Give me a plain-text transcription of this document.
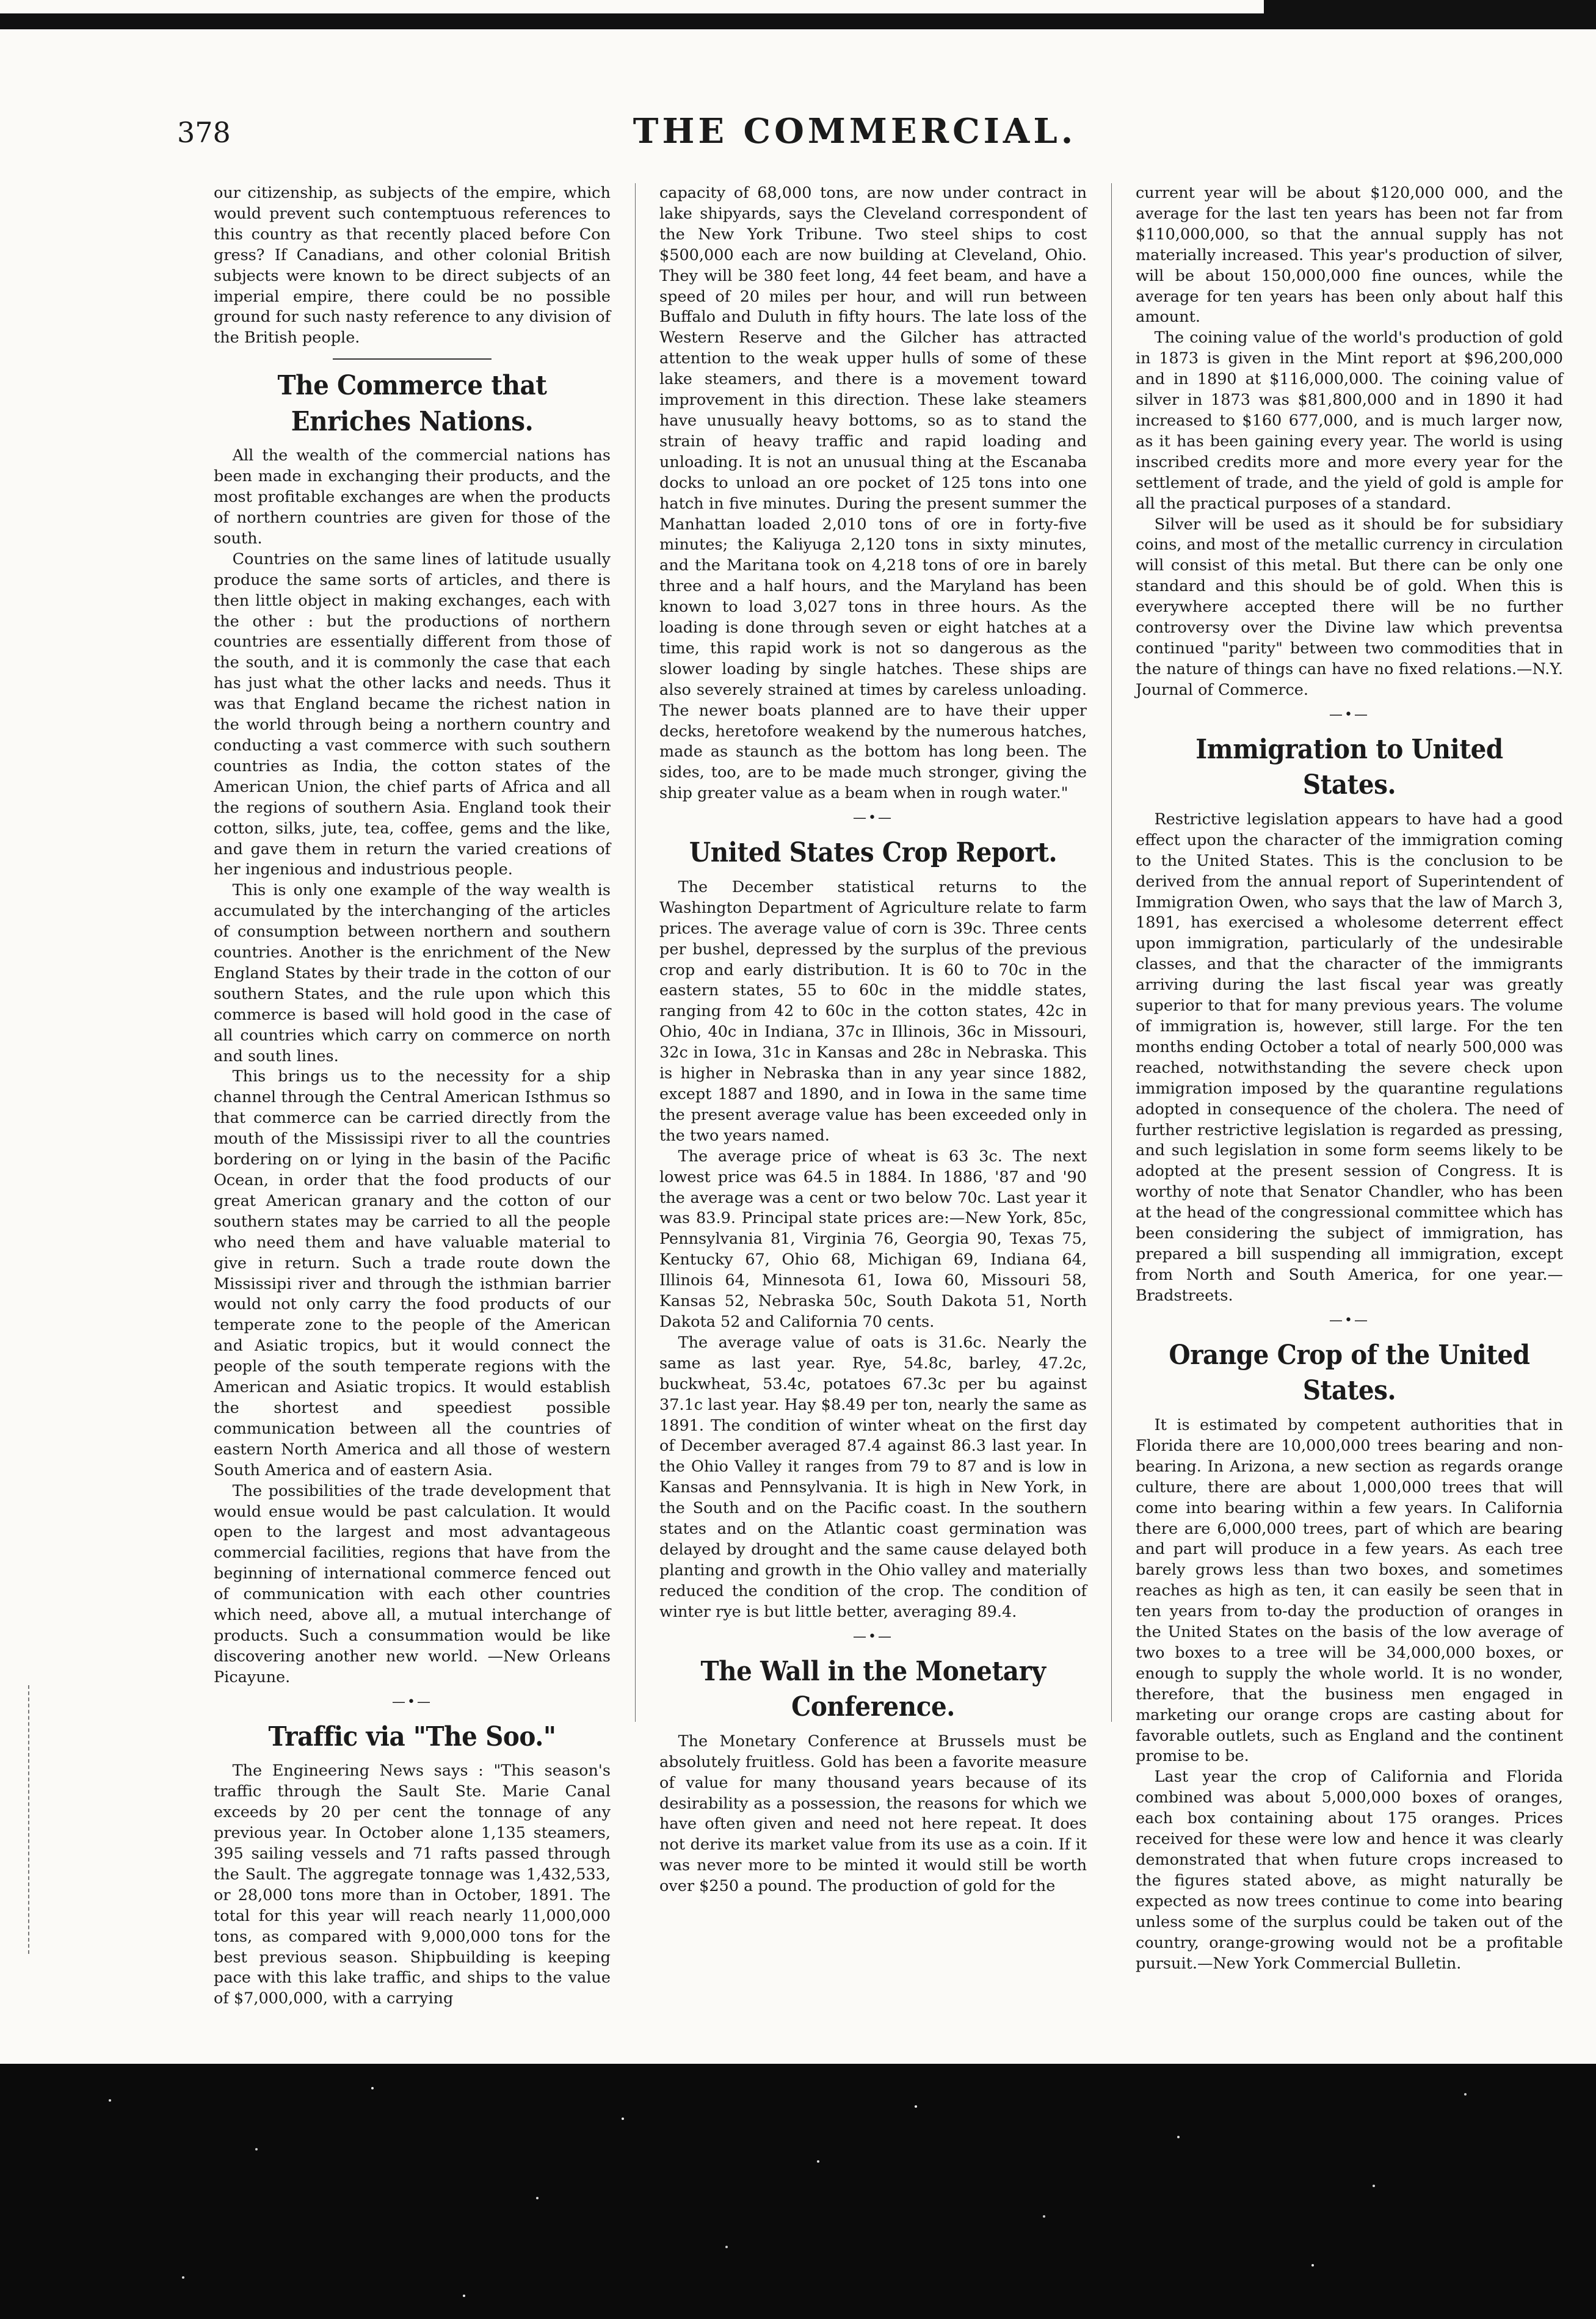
378	THE COMMERCIAL.

our citizenship, as subjects of the empire, which would prevent such contemptuous references to this country as that recently placed before Con gress? If Canadians, and other colonial British subjects were known to be direct subjects of an imperial empire, there could be no possible ground for such nasty reference to any division of the British people.

The Commerce that Enriches Nations.

All the wealth of the commercial nations has been made in exchanging their products, and the most profitable exchanges are when the products of northern countries are given for those of the south.

Countries on the same lines of latitude usually produce the same sorts of articles, and there is then little object in making exchanges, each with the other : but the productions of northern countries are essentially different from those of the south, and it is commonly the case that each has just what the other lacks and needs. Thus it was that England became the richest nation in the world through being a northern country and conducting a vast commerce with such southern countries as India, the cotton states of the American Union, the chief parts of Africa and all the regions of southern Asia. England took their cotton, silks, jute, tea, coffee, gems and the like, and gave them in return the varied creations of her ingenious and industrious people.

This is only one example of the way wealth is accumulated by the interchanging of the articles of consumption between northern and southern countries. Another is the enrichment of the New England States by their trade in the cotton of our southern States, and the rule upon which this commerce is based will hold good in the case of all countries which carry on commerce on north and south lines.

This brings us to the necessity for a ship channel through the Central American Isthmus so that commerce can be carried directly from the mouth of the Mississipi river to all the countries bordering on or lying in the basin of the Pacific Ocean, in order that the food products of our great American granary and the cotton of our southern states may be carried to all the people who need them and have valuable material to give in return. Such a trade route down the Mississipi river and through the isthmian barrier would not only carry the food products of our temperate zone to the people of the American and Asiatic tropics, but it would connect the people of the south temperate regions with the American and Asiatic tropics. It would establish the shortest and speediest possible communication between all the countries of eastern North America and all those of western South America and of eastern Asia.

The possibilities of the trade development that would ensue would be past calculation. It would open to the largest and most advantageous commercial facilities, regions that have from the beginning of international commerce fenced out of communication with each other countries which need, above all, a mutual interchange of products. Such a consummation would be like discovering another new world. —New Orleans Picayune.

—•—
Traffic via "The Soo."

The Engineering News says : "This season's traffic through the Sault Ste. Marie Canal exceeds by 20 per cent the tonnage of any previous year. In October alone 1,135 steamers, 395 sailing vessels and 71 rafts passed through the Sault. The aggregate tonnage was 1,432,533, or 28,000 tons more than in October, 1891. The total for this year will reach nearly 11,000,000 tons, as compared with 9,000,000 tons for the best previous season. Shipbuilding is keeping pace with this lake traffic, and ships to the value of $7,000,000, with a carrying

capacity of 68,000 tons, are now under contract in lake shipyards, says the Cleveland correspondent of the New York Tribune. Two steel ships to cost $500,000 each are now building at Cleveland, Ohio. They will be 380 feet long, 44 feet beam, and have a speed of 20 miles per hour, and will run between Buffalo and Duluth in fifty hours. The late loss of the Western Reserve and the Gilcher has attracted attention to the weak upper hulls of some of these lake steamers, and there is a movement toward improvement in this direction. These lake steamers have unusually heavy bottoms, so as to stand the strain of heavy traffic and rapid loading and unloading. It is not an unusual thing at the Escanaba docks to unload an ore pocket of 125 tons into one hatch in five minutes. During the present summer the Manhattan loaded 2,010 tons of ore in forty-five minutes; the Kaliyuga 2,120 tons in sixty minutes, and the Maritana took on 4,218 tons of ore in barely three and a half hours, and the Maryland has been known to load 3,027 tons in three hours. As the loading is done through seven or eight hatches at a time, this rapid work is not so dangerous as the slower loading by single hatches. These ships are also severely strained at times by careless unloading. The newer boats planned are to have their upper decks, heretofore weakend by the numerous hatches, made as staunch as the bottom has long been. The sides, too, are to be made much stronger, giving the ship greater value as a beam when in rough water."

—•—
United States Crop Report.

The December statistical returns to the Washington Department of Agriculture relate to farm prices. The average value of corn is 39c. Three cents per bushel, depressed by the surplus of the previous crop and early distribution. It is 60 to 70c in the eastern states, 55 to 60c in the middle states, ranging from 42 to 60c in the cotton states, 42c in Ohio, 40c in Indiana, 37c in Illinois, 36c in Missouri, 32c in Iowa, 31c in Kansas and 28c in Nebraska. This is higher in Nebraska than in any year since 1882, except 1887 and 1890, and in Iowa in the same time the present average value has been exceeded only in the two years named.

The average price of wheat is 63 3c. The next lowest price was 64.5 in 1884. In 1886, '87 and '90 the average was a cent or two below 70c. Last year it was 83.9. Principal state prices are:—New York, 85c, Pennsylvania 81, Virginia 76, Georgia 90, Texas 75, Kentucky 67, Ohio 68, Michigan 69, Indiana 64, Illinois 64, Minnesota 61, Iowa 60, Missouri 58, Kansas 52, Nebraska 50c, South Dakota 51, North Dakota 52 and California 70 cents.

The average value of oats is 31.6c. Nearly the same as last year. Rye, 54.8c, barley, 47.2c, buckwheat, 53.4c, potatoes 67.3c per bu against 37.1c last year. Hay $8.49 per ton, nearly the same as 1891. The condition of winter wheat on the first day of December averaged 87.4 against 86.3 last year. In the Ohio Valley it ranges from 79 to 87 and is low in Kansas and Pennsylvania. It is high in New York, in the South and on the Pacific coast. In the southern states and on the Atlantic coast germination was delayed by drought and the same cause delayed both planting and growth in the Ohio valley and materially reduced the condition of the crop. The condition of winter rye is but little better, averaging 89.4.

—•—
The Wall in the Monetary Conference.

The Monetary Conference at Brussels must be absolutely fruitless. Gold has been a favorite measure of value for many thousand years because of its desirability as a possession, the reasons for which we have often given and need not here repeat. It does not derive its market value from its use as a coin. If it was never more to be minted it would still be worth over $250 a pound. The production of gold for the

current year will be about $120,000 000, and the average for the last ten years has been not far from $110,000,000, so that the annual supply has not materially increased. This year's production of silver, will be about 150,000,000 fine ounces, while the average for ten years has been only about half this amount.

The coining value of the world's production of gold in 1873 is given in the Mint report at $96,200,000 and in 1890 at $116,000,000. The coining value of silver in 1873 was $81,800,000 and in 1890 it had increased to $160 677,000, and is much larger now, as it has been gaining every year. The world is using inscribed credits more and more every year for the settlement of trade, and the yield of gold is ample for all the practical purposes of a standard.

Silver will be used as it should be for subsidiary coins, and most of the metallic currency in circulation will consist of this metal. But there can be only one standard and this should be of gold. When this is everywhere accepted there will be no further controversy over the Divine law which preventsa continued "parity" between two commodities that in the nature of things can have no fixed relations.—N.Y. Journal of Commerce.

—•—
Immigration to United States.

Restrictive legislation appears to have had a good effect upon the character of the immigration coming to the United States. This is the conclusion to be derived from the annual report of Superintendent of Immigration Owen, who says that the law of March 3, 1891, has exercised a wholesome deterrent effect upon immigration, particularly of the undesirable classes, and that the character of the immigrants arriving during the last fiscal year was greatly superior to that for many previous years. The volume of immigration is, however, still large. For the ten months ending October a total of nearly 500,000 was reached, notwithstanding the severe check upon immigration imposed by the quarantine regulations adopted in consequence of the cholera. The need of further restrictive legislation is regarded as pressing, and such legislation in some form seems likely to be adopted at the present session of Congress. It is worthy of note that Senator Chandler, who has been at the head of the congressional committee which has been considering the subject of immigration, has prepared a bill suspending all immigration, except from North and South America, for one year.— Bradstreets.

—•—
Orange Crop of the United States.

It is estimated by competent authorities that in Florida there are 10,000,000 trees bearing and non-bearing. In Arizona, a new section as regards orange culture, there are about 1,000,000 trees that will come into bearing within a few years. In California there are 6,000,000 trees, part of which are bearing and part will produce in a few years. As each tree barely grows less than two boxes, and sometimes reaches as high as ten, it can easily be seen that in ten years from to-day the production of oranges in the United States on the basis of the low average of two boxes to a tree will be 34,000,000 boxes, or enough to supply the whole world. It is no wonder, therefore, that the business men engaged in marketing our orange crops are casting about for favorable outlets, such as England and the continent promise to be.

Last year the crop of California and Florida combined was about 5,000,000 boxes of oranges, each box containing about 175 oranges. Prices received for these were low and hence it was clearly demonstrated that when future crops increased to the figures stated above, as might naturally be expected as now trees continue to come into bearing unless some of the surplus could be taken out of the country, orange-growing would not be a profitable pursuit.—New York Commercial Bulletin.
